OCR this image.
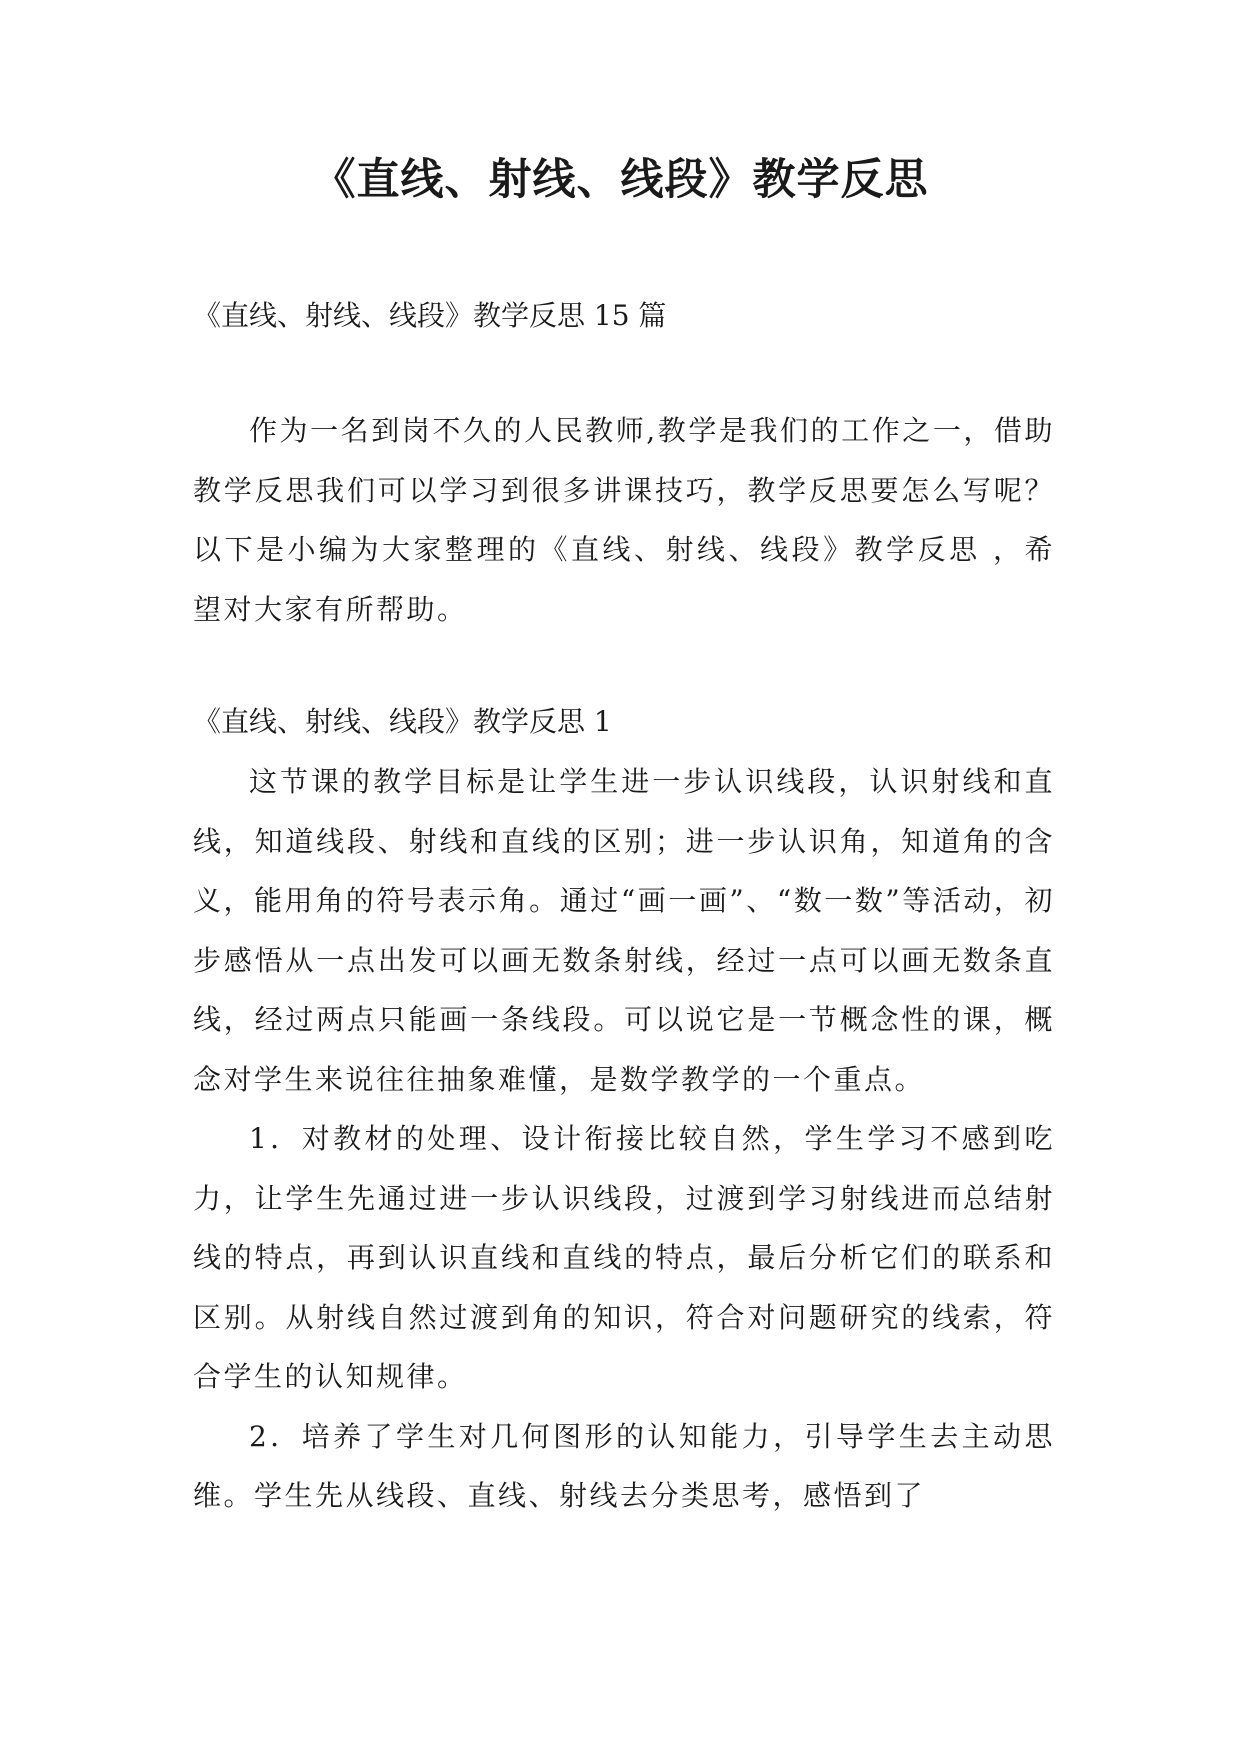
《直线、射线、线段》教学反思

《直线、射线、线段》教学反思 15 篇

作为一名到岗不久的人民教师,教学是我们的工作之一，借助教学反思我们可以学习到很多讲课技巧，教学反思要怎么写呢？以下是小编为大家整理的《直线、射线、线段》教学反思 ，希望对大家有所帮助。

《直线、射线、线段》教学反思 1

这节课的教学目标是让学生进一步认识线段，认识射线和直线，知道线段、射线和直线的区别；进一步认识角，知道角的含义，能用角的符号表示角。通过“画一画”、“数一数”等活动，初步感悟从一点出发可以画无数条射线，经过一点可以画无数条直线，经过两点只能画一条线段。可以说它是一节概念性的课，概念对学生来说往往抽象难懂，是数学教学的一个重点。

1．对教材的处理、设计衔接比较自然，学生学习不感到吃力，让学生先通过进一步认识线段，过渡到学习射线进而总结射线的特点，再到认识直线和直线的特点，最后分析它们的联系和区别。从射线自然过渡到角的知识，符合对问题研究的线索，符合学生的认知规律。

2．培养了学生对几何图形的认知能力，引导学生去主动思维。学生先从线段、直线、射线去分类思考，感悟到了
